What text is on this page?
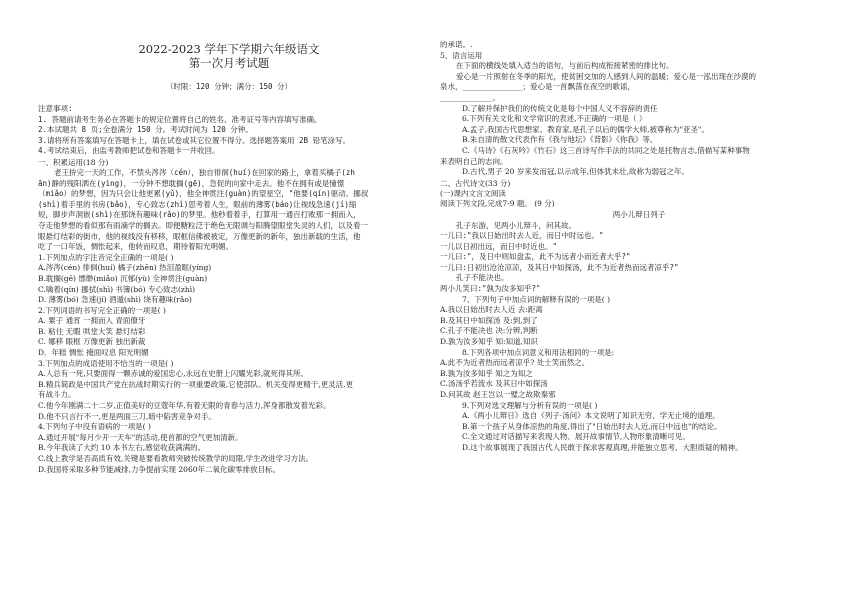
2022-2023 学年下学期六年级语文

第一次月考试题

（时限：120 分钟；满分：150 分）

注意事项:

1. 答题前请考生务必在答题卡的规定位置将自己的姓名、准考证号等内容填写准确。

2.本试题共 8 页;全卷满分 150 分。考试时间为 120 分钟。

3.请将所有答案填写在答题卡上，填在试卷或其它位置不得分。选择题答案用 2B 铅笔涂写。

4.考试结束后，由监考教师把试卷和答题卡一并收回。

一、积累运用(18 分)

老王拚完一天的工作，不禁头涔涔（cén），独自徘徊(huí)在回家的路上，拿着买橘子(zh

ān)静的残阳洒在(yìng)，一分钟不想耽搁(gē)，急促的向家中走去。他不在拥有或是憧憬

（miǎo）的梦想，因为只会让他更累(yǔ)，他全神贯注(guàn)的望星空，"他要(qín)驱动。挪叔

(shì)着手里的书房(bǎo)，专心致志(zhì)思考着人生，眼前的薄雾(báo)让视线急速(jí)缩

短，脚步声洞嵌(shì)在那饶有趣味(rǎo)的梦里。他秒着着手，打算用一通百打败那一拥而入，

夺走他梦想的看似那有雨滴学的搁去。即便糖粒泛于绝色无限调与阳腾望眼堂失灵的人们，以及看一

眼悬灯结彩的街市，他的视线没有移移，眼框信佛被被定，万像更新的新年，独出新载的生活，他

吃了一口年饭，惆怅起来，他转而叹息，期待着阳光明媚。

1.下列加点的字注音完全正确的一项是( )

A.涔涔(cén) 徘徊(huí) 橘子(zhēn) 热泪盈眶(yíng)

B.耽搁(gē) 缥缈(miǎo) 沉郁(yù) 全神贯注(guàn)

C.噙着(qín) 挪拭(shì) 书簿(bó) 专心致志(zhì)

D. 薄雾(bó) 急速(jí) 酒遁(shì) 饶有趣味(rǎo)

2.下列词语的书写完全正确的一项是( )

A. 粟子 通宵 一拥而入 青面僚牙

B. 粘住 无暇 哄堂大笑 悬灯结彩

C. 娜移 眼框 万像更新 独出新裁

D．年糕 惆怅 掩面叹息 阳光明媚

3.下列加点的成语使用不恰当的一项是( )

A.人总有一死,只要面得一颗赤诚的爱国忠心,永远在史册上闪耀光彩,就死得其所。

B.精兵简政是中国共产党在抗战时期实行的一项重要政策,它使部队、机关变得更精干,更灵活,更

有战斗力。

C.他今年刚满二十二岁,正值美好的豆蔻年华,有着无限的青春与活力,浑身都散发着光彩。

D.他不只言行不一,更是两面三刀,暗中陷害竞争对手。

4.下列句子中没有语病的一项是( )

A.通过开展"每月少开一天车"的活动,使首都的空气更加清新。

B.今年我读了大约 10 本书左右,感觉收获满满的。

C.线上教学是否高质有效,关键是要看教师突破传统教学的局限,学生改进学习方法。

D.我国将采取多种节能减排,力争提前实现 2060年二氧化碳零排放目标。

的承诺。.

5、语言运用

在下面的横线处填入适当的语句，与前后构成衔接紧密的排比句。

爱心是一片照射在冬季的阳光，使贫困交加的人感到人间的温暖；爱心是一泓出现在沙漠的

泉水，________________；爱心是一首飘荡在夜空的歌谣，

______________。

D.了解并保护我们的传统文化是每个中国人义不容辞的责任

6.下列有关文化和文学常识的表述,不正确的一项是（ ）

A.孟子,我国古代思想家、教育家,是孔子以后的儒学大师,被尊称为"亚圣"。

B.朱自清的散文代表作有《我与地坛》《背影》《你我》等。

C.《马诗》《石灰吟》《竹石》这三首诗写作手法的共同之处是托物言志,借描写某种事物

来表明自己的志向。

D.古代,男子 20 岁来发而冠,以示成年,但体犹未壮,故称为弱冠之年。

二、古代诗文(33 分)

(一)课内文言文阅读

阅读下列文段,完成7-9 题。 (9 分)

两小儿辩日列子

孔子东游，见两小儿辩斗，问其故。

一儿曰:"我以日始出时去人近，而日中时远也。"

一儿以日初出远，而日中时近也。"

一儿曰:"，及日中则如盘盂，此不为远者小而近者大乎?"

一儿曰:日初出沧沧凉凉，及其日中如探汤，此不为近者热而远者凉乎?"

孔子不能决也。

两小儿笑曰:"孰为汝多知乎?"

7、下列句子中加点词的解释有误的一项是( )

A.我以日始出时去人近 去:距离

B.及其日中如探汤 及:到,到了

C.孔子不能决也 决:分辨,判断

D.孰为汝多知乎 知:知道,知识

8.下列各项中加点词意义和用法相同的一项是:

A.此不为近者热而远者凉乎? 处士笑而然之。

B.孰为汝多知乎 知之为知之

C.汤汤乎若流水 及其日中如探汤

D.问其故 赵王岂以一璧之故欺秦邪

9.下列对选文理解与分析有误的一项是( )

A.《两小儿辩日》选自《列子·汤问》本文说明了知识无穷、学无止境的道理。

B.第一个孩子从身体凉热的角度,得出了"日始出时去人近,而日中远也"的结论。

C.全文通过对话描写来表现人物、展开故事情节,人物形象清晰可见。

D.这个故事展现了我国古代人民敢于探求客观真理,并能独立思考、大胆质疑的精神。
